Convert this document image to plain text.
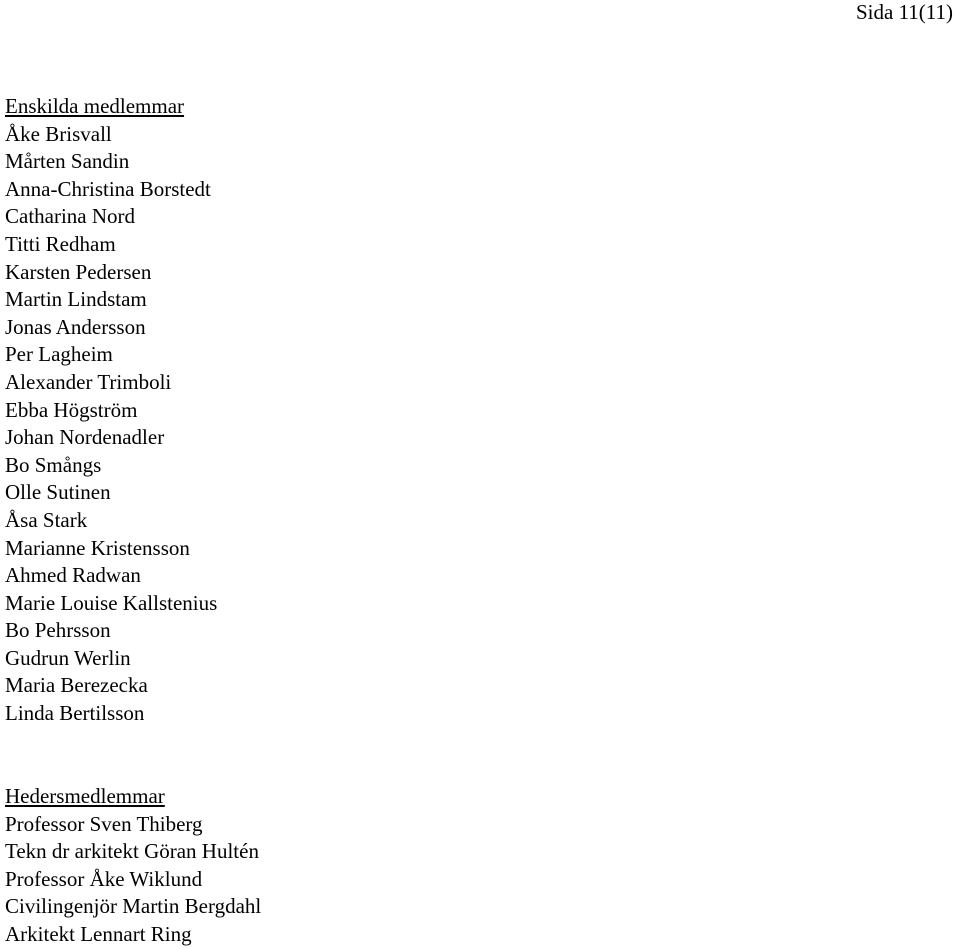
Sida 11(11)
Enskilda medlemmar
Åke Brisvall
Mårten Sandin
Anna-Christina Borstedt
Catharina Nord
Titti Redham
Karsten Pedersen
Martin Lindstam
Jonas Andersson
Per Lagheim
Alexander Trimboli
Ebba Högström
Johan Nordenadler
Bo Smångs
Olle Sutinen
Åsa Stark
Marianne Kristensson
Ahmed Radwan
Marie Louise Kallstenius
Bo Pehrsson
Gudrun Werlin
Maria Berezecka
Linda Bertilsson
Hedersmedlemmar
Professor Sven Thiberg
Tekn dr arkitekt Göran Hultén
Professor Åke Wiklund
Civilingenjör Martin Bergdahl
Arkitekt Lennart Ring
